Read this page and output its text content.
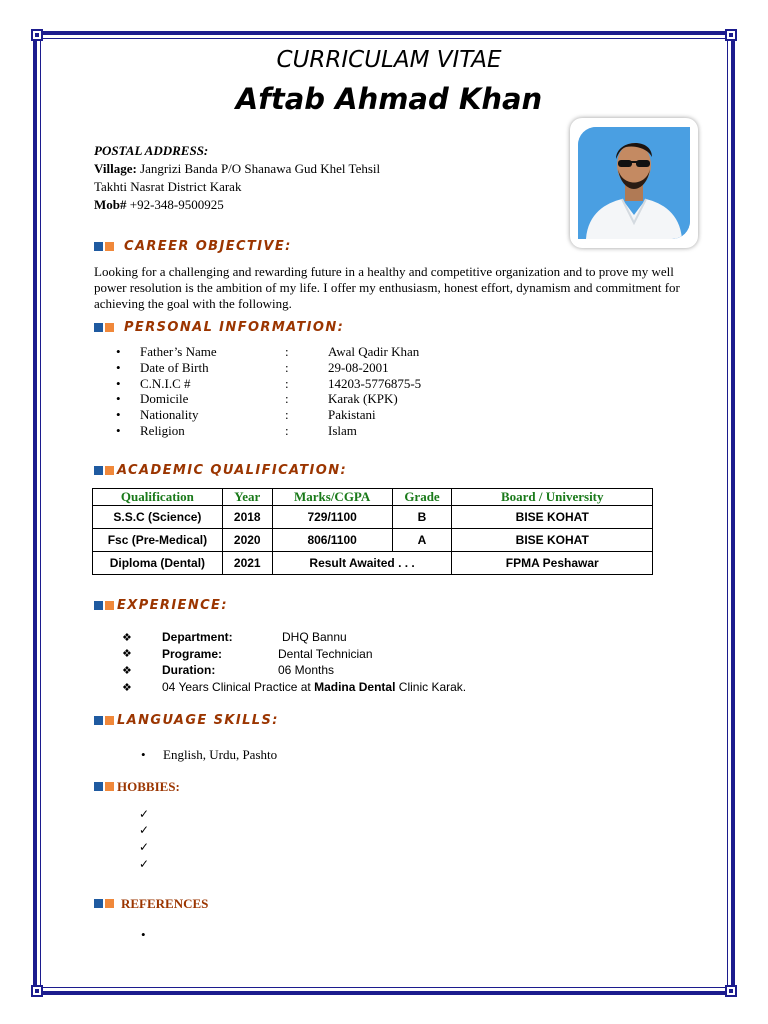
CURRICULAM VITAE
Aftab Ahmad Khan
POSTAL ADDRESS:
Village: Jangrizi Banda P/O Shanawa Gud Khel Tehsil
Takhti Nasrat District Karak
Mob# +92-348-9500925
CAREER OBJECTIVE:
Looking for a challenging and rewarding future in a healthy and competitive organization and to prove my well power resolution is the ambition of my life. I offer my enthusiasm, honest effort, dynamism and commitment for achieving the goal with the following.
PERSONAL INFORMATION:
• Father’s Name	:	Awal Qadir Khan
• Date of Birth	:	29-08-2001
• C.N.I.C #	:	14203-5776875-5
• Domicile	:	Karak (KPK)
• Nationality	:	Pakistani
• Religion	:	Islam
ACADEMIC QUALIFICATION:
Qualification	Year	Marks/CGPA	Grade	Board / University
S.S.C (Science)	2018	729/1100	B	BISE KOHAT
Fsc (Pre-Medical)	2020	806/1100	A	BISE KOHAT
Diploma (Dental)	2021	Result Awaited . . .		FPMA Peshawar
EXPERIENCE:
❖	Department:	DHQ Bannu
❖	Programe:	Dental Technician
❖	Duration:	06 Months
❖	04 Years Clinical Practice at Madina Dental Clinic Karak.
LANGUAGE SKILLS:
• English, Urdu, Pashto
HOBBIES:
✓
✓
✓
✓
REFERENCES
•
